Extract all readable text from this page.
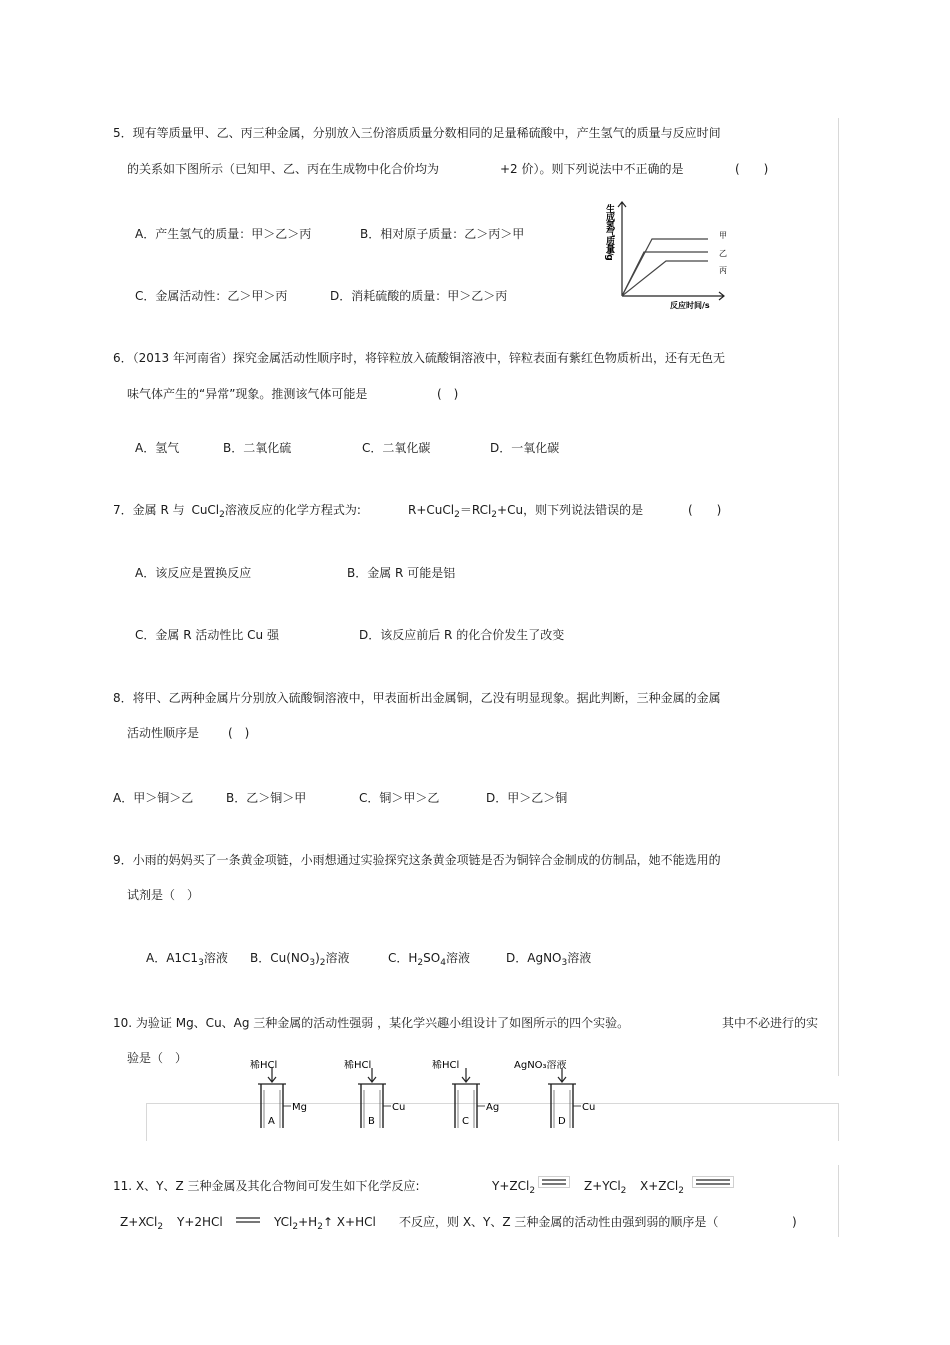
5．现有等质量甲、乙、丙三种金属，分别放入三份溶质质量分数相同的足量稀硫酸中，产生氢气的质量与反应时间
的关系如下图所示（已知甲、乙、丙在生成物中化合价均为	+2 价）。则下列说法中不正确的是	(　　)
A．产生氢气的质量：甲＞乙＞丙	B．相对原子质量：乙＞丙＞甲
C．金属活动性：乙＞甲＞丙	D．消耗硫酸的质量：甲＞乙＞丙
生成氢气质量/g
反应时间/s
甲
乙
丙
6．（2013 年河南省）探究金属活动性顺序时，将锌粒放入硫酸铜溶液中，锌粒表面有紫红色物质析出，还有无色无
味气体产生的“异常”现象。推测该气体可能是	(　)
A．氢气	B．二氧化硫	C．二氧化碳	D．一氧化碳
7．金属 R 与 CuCl$_2$溶液反应的化学方程式为:	R+CuCl$_2$＝RCl$_2$+Cu，则下列说法错误的是	(　　)
A．该反应是置换反应	B．金属 R 可能是铝
C．金属 R 活动性比 Cu 强	D．该反应前后 R 的化合价发生了改变
8．将甲、乙两种金属片分别放入硫酸铜溶液中，甲表面析出金属铜，乙没有明显现象。据此判断，三种金属的金属
活动性顺序是 (　)
A．甲＞铜＞乙	B．乙＞铜＞甲	C．铜＞甲＞乙	D．甲＞乙＞铜
9．小雨的妈妈买了一条黄金项链，小雨想通过实验探究这条黄金项链是否为铜锌合金制成的仿制品，她不能选用的
试剂是（　）
A．$A1C1_3$溶液 B．$Cu(NO_3)_2$溶液	C．$H_2SO_4$溶液	D．AgNO$_3$溶液
10. 为验证 Mg、Cu、Ag 三种金属的活动性强弱 ，某化学兴趣小组设计了如图所示的四个实验。	其中不必进行的实
验是（　）
稀HCl	稀HCl	稀HCl	AgNO₃溶液
Mg	Cu	Ag	Cu
A	B	C	D
11. X、Y、Z 三种金属及其化合物间可发生如下化学反应:	Y+ZCl$_2$	Z+YCl$_2$ X+ZCl$_2$
Z+XCl$_2$ Y+2HCl	$YCl_2+H_2↑$ X+HCl 不反应，则 X、Y、Z 三种金属的活动性由强到弱的顺序是（	)
